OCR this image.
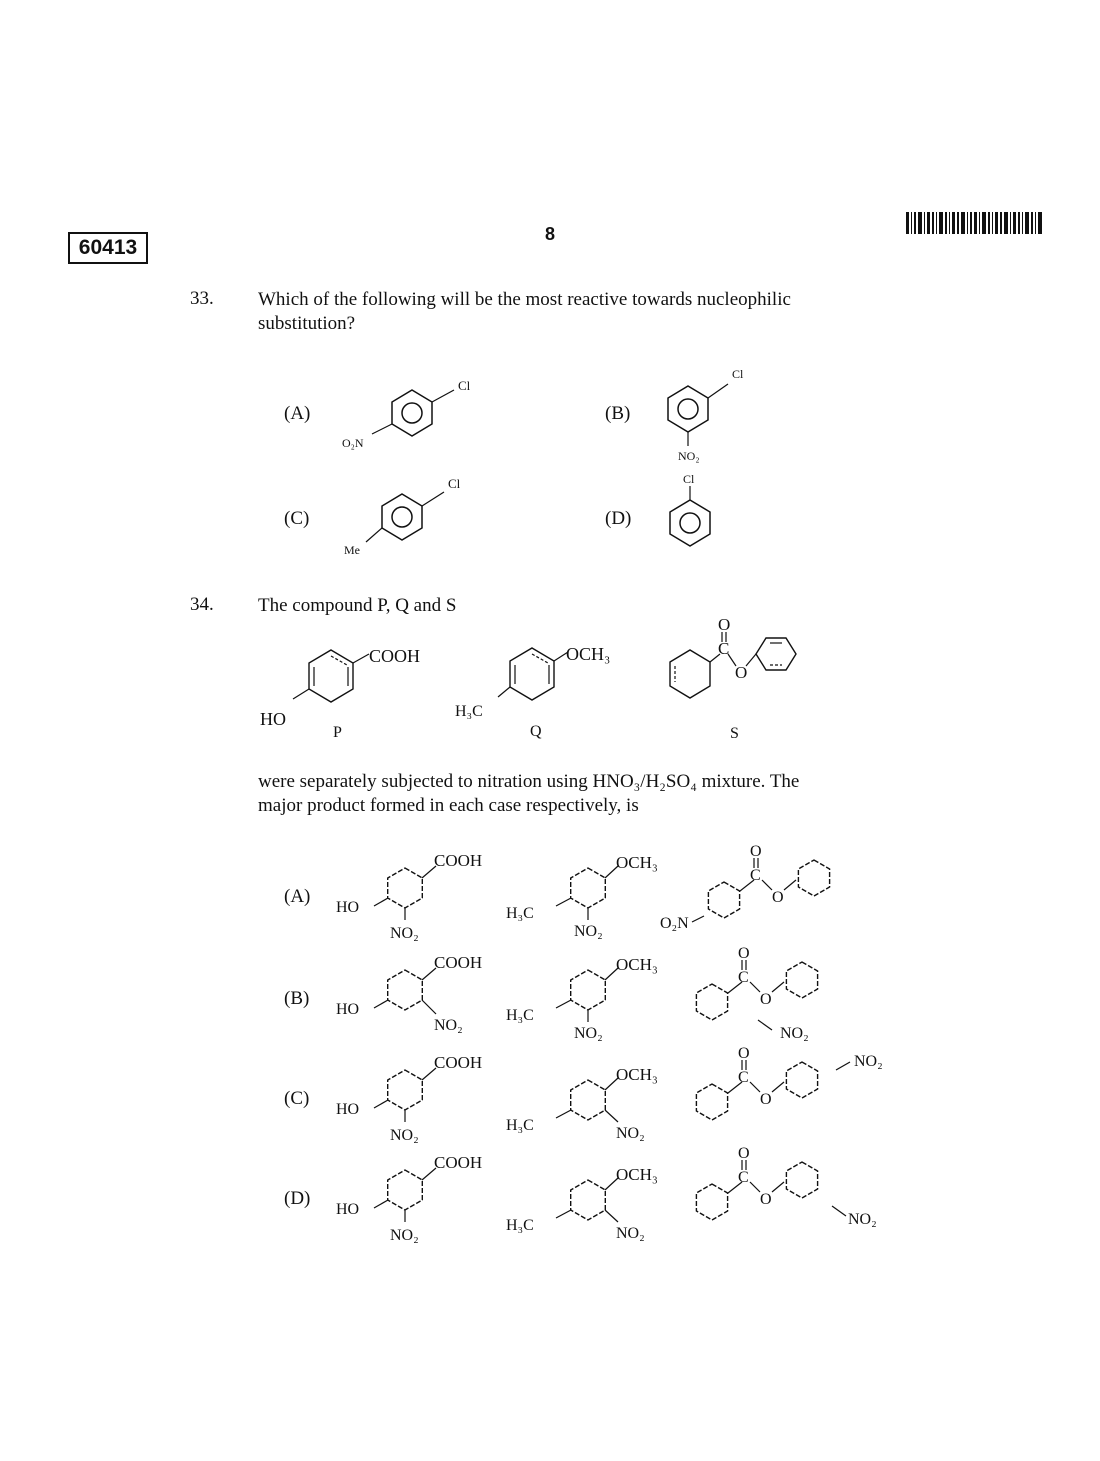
60413
8
33. Which of the following will be the most reactive towards nucleophilic
substitution?
(A)
Cl
O₂N
(B)
Cl
NO₂
(C)
Cl
Me
(D)
Cl
34. The compound P, Q and S
COOH
HO
P
OCH₃
H₃C
Q
O
C
O
S
were separately subjected to nitration using HNO₃/H₂SO₄ mixture. The
major product formed in each case respectively, is
(A)
COOH
HO
NO₂
OCH₃
H₃C
NO₂
O
C
O
O₂N
(B)
COOH
HO
NO₂
OCH₃
H₃C
NO₂
O
C
O
NO₂
(C)
COOH
HO
NO₂
OCH₃
H₃C	NO₂
O
C
O
NO₂
(D)
COOH
HO
NO₂
OCH₃
H₃C	NO₂
O
C
O
NO₂
